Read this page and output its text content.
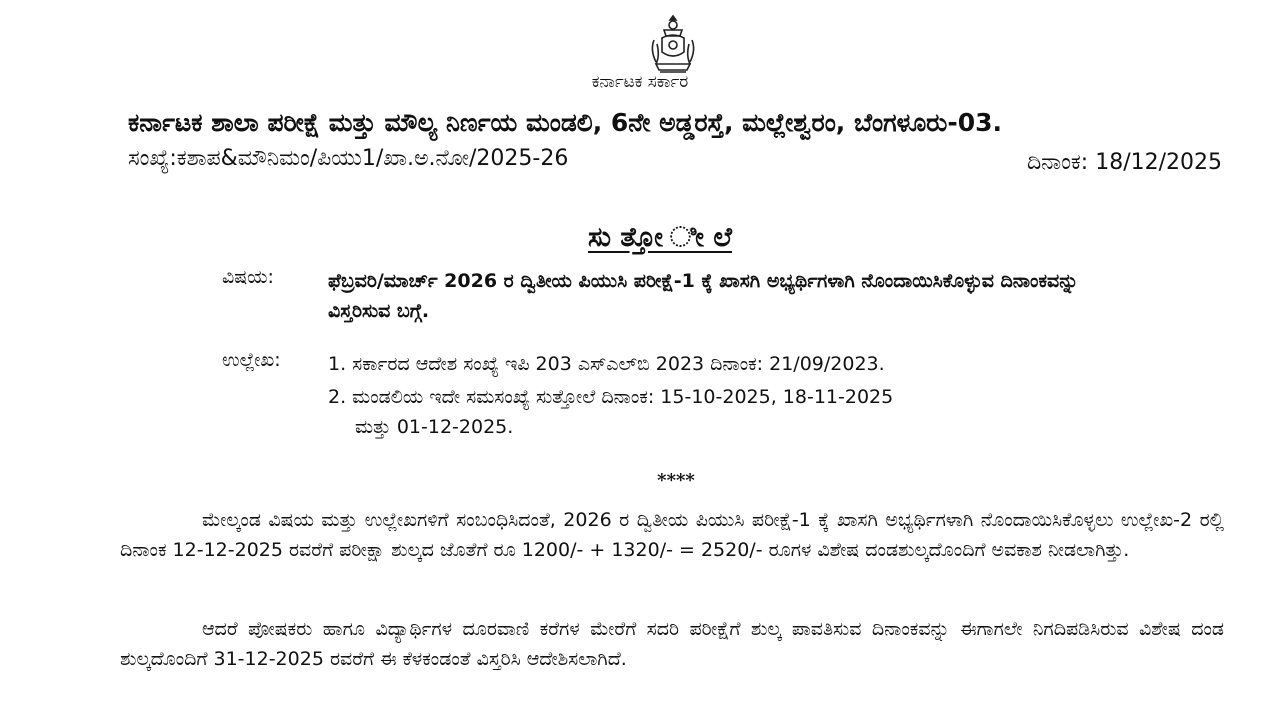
ಕರ್ನಾಟಕ ಸರ್ಕಾರ
ಕರ್ನಾಟಕ ಶಾಲಾ ಪರೀಕ್ಷೆ ಮತ್ತು ಮೌಲ್ಯ ನಿರ್ಣಯ ಮಂಡಲಿ, 6ನೇ ಅಡ್ಡರಸ್ತೆ, ಮಲ್ಲೇಶ್ವರಂ, ಬೆಂಗಳೂರು-03.
ಸಂಖ್ಯೆ:ಕಶಾಪ&ಮೌನಿಮಂ/ಪಿಯು1/ಖಾ.ಅ.ನೋ/2025-26	ದಿನಾಂಕ: 18/12/2025
ಸು ತ್ತೋ ೀ ಲೆ
ವಿಷಯ:	ಫೆಬ್ರವರಿ/ಮಾರ್ಚ್ 2026 ರ ದ್ವಿತೀಯ ಪಿಯುಸಿ ಪರೀಕ್ಷೆ-1 ಕ್ಕೆ ಖಾಸಗಿ ಅಭ್ಯರ್ಥಿಗಳಾಗಿ ನೊಂದಾಯಿಸಿಕೊಳ್ಳುವ ದಿನಾಂಕವನ್ನು ವಿಸ್ತರಿಸುವ ಬಗ್ಗೆ.
ಉಲ್ಲೇಖ: 1. ಸರ್ಕಾರದ ಆದೇಶ ಸಂಖ್ಯೆ ಇಪಿ 203 ಎಸ್‌ಎಲ್‌ಬಿ 2023 ದಿನಾಂಕ: 21/09/2023.
2. ಮಂಡಲಿಯ ಇದೇ ಸಮಸಂಖ್ಯೆ ಸುತ್ತೋಲೆ ದಿನಾಂಕ: 15-10-2025, 18-11-2025
ಮತ್ತು 01-12-2025.
****
ಮೇಲ್ಕಂಡ ವಿಷಯ ಮತ್ತು ಉಲ್ಲೇಖಗಳಿಗೆ ಸಂಬಂಧಿಸಿದಂತೆ, 2026 ರ ದ್ವಿತೀಯ ಪಿಯುಸಿ ಪರೀಕ್ಷೆ-1 ಕ್ಕೆ ಖಾಸಗಿ ಅಭ್ಯರ್ಥಿಗಳಾಗಿ ನೊಂದಾಯಿಸಿಕೊಳ್ಳಲು ಉಲ್ಲೇಖ-2 ರಲ್ಲಿ ದಿನಾಂಕ 12-12-2025 ರವರೆಗೆ ಪರೀಕ್ಷಾ ಶುಲ್ಕದ ಜೊತೆಗೆ ರೂ 1200/- + 1320/- = 2520/- ರೂಗಳ ವಿಶೇಷ ದಂಡಶುಲ್ಕದೊಂದಿಗೆ ಅವಕಾಶ ನೀಡಲಾಗಿತ್ತು.
ಆದರೆ ಪೋಷಕರು ಹಾಗೂ ವಿದ್ಯಾರ್ಥಿಗಳ ದೂರವಾಣಿ ಕರೆಗಳ ಮೇರೆಗೆ ಸದರಿ ಪರೀಕ್ಷೆಗೆ ಶುಲ್ಕ ಪಾವತಿಸುವ ದಿನಾಂಕವನ್ನು ಈಗಾಗಲೇ ನಿಗದಿಪಡಿಸಿರುವ ವಿಶೇಷ ದಂಡ ಶುಲ್ಕದೊಂದಿಗೆ 31-12-2025 ರವರೆಗೆ ಈ ಕೆಳಕಂಡಂತೆ ವಿಸ್ತರಿಸಿ ಆದೇಶಿಸಲಾಗಿದೆ.
